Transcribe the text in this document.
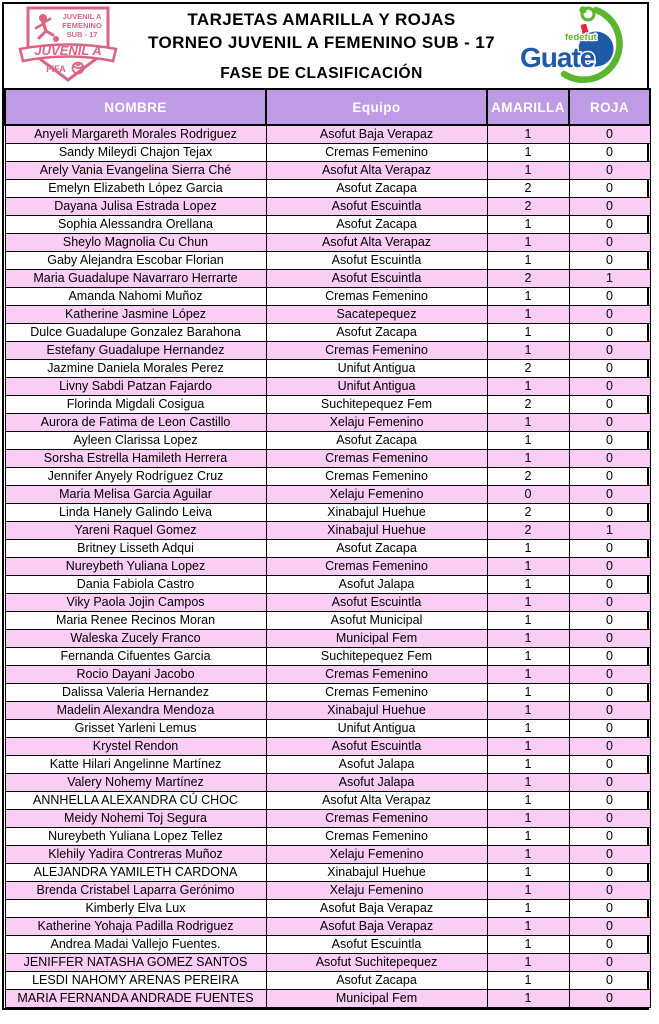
JUVENIL A
FEMENINO
SUB - 17
JUVENIL A
FIFA
TARJETAS AMARILLA Y ROJAS
TORNEO JUVENIL A FEMENINO SUB - 17
FASE DE CLASIFICACIÓN
fedefut
Guate
NOMBRE	Equipo	AMARILLA	ROJA
Anyeli Margareth Morales Rodriguez	Asofut Baja Verapaz	1	0
Sandy Mileydi Chajon Tejax	Cremas Femenino	1	0
Arely Vania Evangelina Sierra Ché	Asofut Alta Verapaz	1	0
Emelyn Elizabeth López Garcia	Asofut Zacapa	2	0
Dayana Julisa Estrada Lopez	Asofut Escuintla	2	0
Sophia Alessandra Orellana	Asofut Zacapa	1	0
Sheylo Magnolia Cu Chun	Asofut Alta Verapaz	1	0
Gaby Alejandra Escobar Florian	Asofut Escuintla	1	0
Maria Guadalupe Navarraro Herrarte	Asofut Escuintla	2	1
Amanda Nahomi Muñoz	Cremas Femenino	1	0
Katherine Jasmine López	Sacatepequez	1	0
Dulce Guadalupe Gonzalez Barahona	Asofut Zacapa	1	0
Estefany Guadalupe Hernandez	Cremas Femenino	1	0
Jazmine Daniela Morales Perez	Unifut Antigua	2	0
Livny Sabdi Patzan Fajardo	Unifut Antigua	1	0
Florinda Migdali Cosigua	Suchitepequez Fem	2	0
Aurora de Fatima de Leon Castillo	Xelaju Femenino	1	0
Ayleen Clarissa Lopez	Asofut Zacapa	1	0
Sorsha Estrella Hamileth Herrera	Cremas Femenino	1	0
Jennifer Anyely Rodríguez Cruz	Cremas Femenino	2	0
Maria Melisa Garcia Aguilar	Xelaju Femenino	0	0
Linda Hanely Galindo Leiva	Xinabajul Huehue	2	0
Yareni Raquel Gomez	Xinabajul Huehue	2	1
Britney Lisseth Adqui	Asofut Zacapa	1	0
Nureybeth Yuliana Lopez	Cremas Femenino	1	0
Dania Fabiola Castro	Asofut Jalapa	1	0
Viky Paola Jojin Campos	Asofut Escuintla	1	0
Maria Renee Recinos Moran	Asofut Municipal	1	0
Waleska Zucely Franco	Municipal Fem	1	0
Fernanda Cifuentes Garcia	Suchitepequez Fem	1	0
Rocio Dayani Jacobo	Cremas Femenino	1	0
Dalissa Valeria Hernandez	Cremas Femenino	1	0
Madelin Alexandra Mendoza	Xinabajul Huehue	1	0
Grisset Yarleni Lemus	Unifut Antigua	1	0
Krystel Rendon	Asofut Escuintla	1	0
Katte Hilari Angelinne Martínez	Asofut Jalapa	1	0
Valery Nohemy Martínez	Asofut Jalapa	1	0
ANNHELLA ALEXANDRA CÚ CHOC	Asofut Alta Verapaz	1	0
Meidy Nohemi Toj Segura	Cremas Femenino	1	0
Nureybeth Yuliana Lopez Tellez	Cremas Femenino	1	0
Klehily Yadira Contreras Muñoz	Xelaju Femenino	1	0
ALEJANDRA YAMILETH CARDONA	Xinabajul Huehue	1	0
Brenda Cristabel Laparra Gerónimo	Xelaju Femenino	1	0
Kimberly Elva Lux	Asofut Baja Verapaz	1	0
Katherine Yohaja Padilla Rodriguez	Asofut Baja Verapaz	1	0
Andrea Madai Vallejo Fuentes.	Asofut Escuintla	1	0
JENIFFER NATASHA GOMEZ SANTOS	Asofut Suchitepequez	1	0
LESDI NAHOMY ARENAS PEREIRA	Asofut Zacapa	1	0
MARIA FERNANDA ANDRADE FUENTES	Municipal Fem	1	0
